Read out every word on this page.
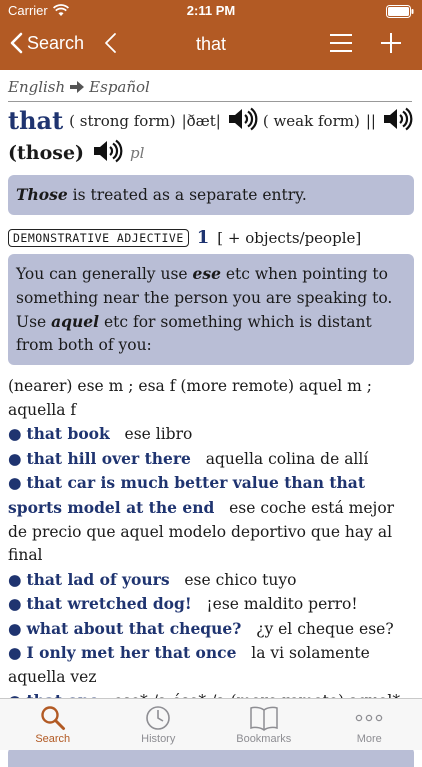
Carrier	2:11 PM
Search	that
English Español
that ( strong form) |ðæt|	( weak form) ||
(those)	pl
Those is treated as a separate entry.
DEMONSTRATIVE ADJECTIVE 1 [ + objects/people]
You can generally use ese etc when pointing to something near the person you are speaking to. Use aquel etc for something which is distant from both of you:
(nearer) ese m ; esa f (more remote) aquel m ; aquella f
● that book ese libro
● that hill over there aquella colina de allí
● that car is much better value than that sports model at the end ese coche está mejor de precio que aquel modelo deportivo que hay al final
● that lad of yours ese chico tuyo
● that wretched dog! ¡ese maldito perro!
● what about that cheque? ¿y el cheque ese?
● I only met her that once la vi solamente aquella vez

Search	History	Bookmarks	More
